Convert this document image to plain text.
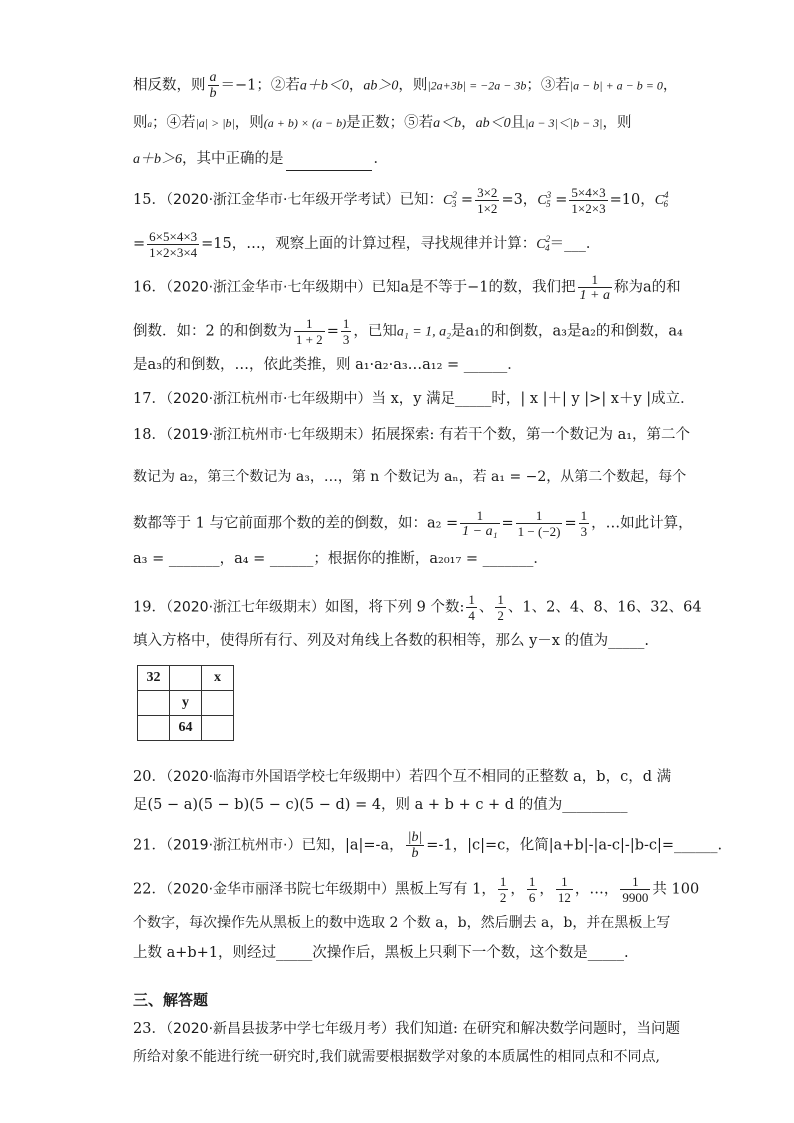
相反数，则 $\frac{a}{b} =-1$；②若a＋b＜0，ab＞0，则|2a+3b| = −2a − 3b；③若|a − b| + a − b = 0，
则a；④若|a| > |b|，则(a + b) × (a − b)是正数；⑤若a＜b，ab＜0且|a − 3|＜|b − 3|，则
a＋b＞6，其中正确的是	．
15．（2020·浙江金华市·七年级开学考试）已知：$C^2_3 = \frac{3\times 2}{1\times 2} =3$，$C^3_5 = \frac{5\times 4\times 3}{1\times 2\times 3} =10$，$C^4_6$
= $\frac{6\times 5\times 4\times 3}{1\times 2\times 3\times 4} =15$，…，观察上面的计算过程，寻找规律并计算：$C^2_4=\_\_\_$．
16．（2020·浙江金华市·七年级期中）已知a是不等于−1的数，我们把 $\frac{1}{1 + a}$ 称为a的和
倒数．如：2 的和倒数为 $\frac{1}{1 + 2} = \frac{1}{3}$ ，已知a₁ = 1, a₂是a₁的和倒数，a₃是a₂的和倒数，a₄
是a₃的和倒数，…，依此类推，则 a₁·a₂·a₃…a₁₂ = ______．
17．（2020·浙江杭州市·七年级期中）当 x，y 满足_____时，| x |＋| y |>| x＋y |成立．
18．（2019·浙江杭州市·七年级期末）拓展探索: 有若干个数，第一个数记为 a₁，第二个
数记为 a₂，第三个数记为 a₃，…，第 n 个数记为 aₙ，若 a₁ = −2，从第二个数起，每个
数都等于 1 与它前面那个数的差的倒数，如：$a_2 = \frac{1}{\text{1 − a₁}} = \frac{1}{1 - (-2)} = \frac{1}{3}$ ，…如此计算，
a₃ = _______，a₄ = ______；根据你的推断，a₂₀₁₇ = _______．
19．（2020·浙江七年级期末）如图，将下列 9 个数: $\frac{1}{4}$ 、 $\frac{1}{2}$ 、1、2、4、8、16、32、64
填入方格中，使得所有行、列及对角线上各数的积相等，那么 y－x 的值为_____.
32		x
	y	
	64	
20．（2020·临海市外国语学校七年级期中）若四个互不相同的正整数 a，b，c，d 满
足(5 − a)(5 − b)(5 − c)(5 − d) = 4，则 a + b + c + d 的值为_________
21．（2019·浙江杭州市·）已知，|a|=-a， $\frac{|b|}{b} =-1$，|c|=c，化简|a+b|-|a-c|-|b-c|=______.
22．（2020·金华市丽泽书院七年级期中）黑板上写有 1， $\frac{1}{2}$ ， $\frac{1}{6}$ ， $\frac{1}{12}$ ，…， $\frac{1}{9900}$ 共 100
个数字，每次操作先从黑板上的数中选取 2 个数 a，b，然后删去 a，b，并在黑板上写
上数 a+b+1，则经过_____次操作后，黑板上只剩下一个数，这个数是_____.
三、解答题
23．（2020·新昌县拔茅中学七年级月考）我们知道: 在研究和解决数学问题时，当问题
所给对象不能进行统一研究时,我们就需要根据数学对象的本质属性的相同点和不同点,
